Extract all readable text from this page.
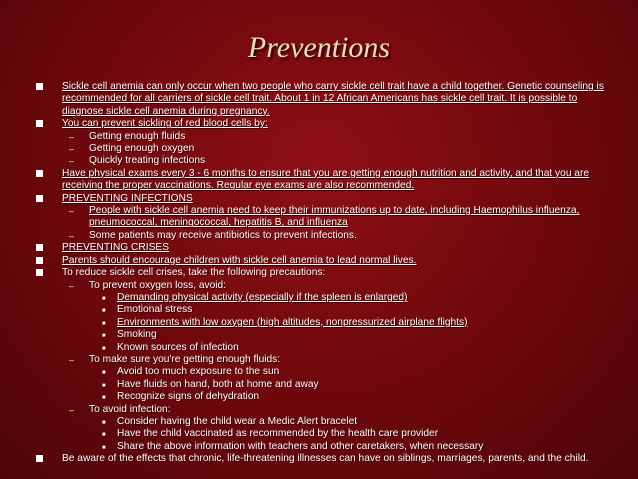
Preventions
Sickle cell anemia can only occur when two people who carry sickle cell trait have a child together. Genetic counseling is recommended for all carriers of sickle cell trait. About 1 in 12 African Americans has sickle cell trait. It is possible to diagnose sickle cell anemia during pregnancy.
You can prevent sickling of red blood cells by:
– Getting enough fluids
– Getting enough oxygen
– Quickly treating infections
Have physical exams every 3 - 6 months to ensure that you are getting enough nutrition and activity, and that you are receiving the proper vaccinations. Regular eye exams are also recommended.
PREVENTING INFECTIONS
– People with sickle cell anemia need to keep their immunizations up to date, including Haemophilus influenza, pneumococcal, meningococcal, hepatitis B, and influenza
– Some patients may receive antibiotics to prevent infections.
PREVENTING CRISES
Parents should encourage children with sickle cell anemia to lead normal lives.
To reduce sickle cell crises, take the following precautions:
– To prevent oxygen loss, avoid:
■ Demanding physical activity (especially if the spleen is enlarged)
■ Emotional stress
■ Environments with low oxygen (high altitudes, nonpressurized airplane flights)
■ Smoking
■ Known sources of infection
– To make sure you're getting enough fluids:
■ Avoid too much exposure to the sun
■ Have fluids on hand, both at home and away
■ Recognize signs of dehydration
– To avoid infection:
■ Consider having the child wear a Medic Alert bracelet
■ Have the child vaccinated as recommended by the health care provider
■ Share the above information with teachers and other caretakers, when necessary
Be aware of the effects that chronic, life-threatening illnesses can have on siblings, marriages, parents, and the child.
